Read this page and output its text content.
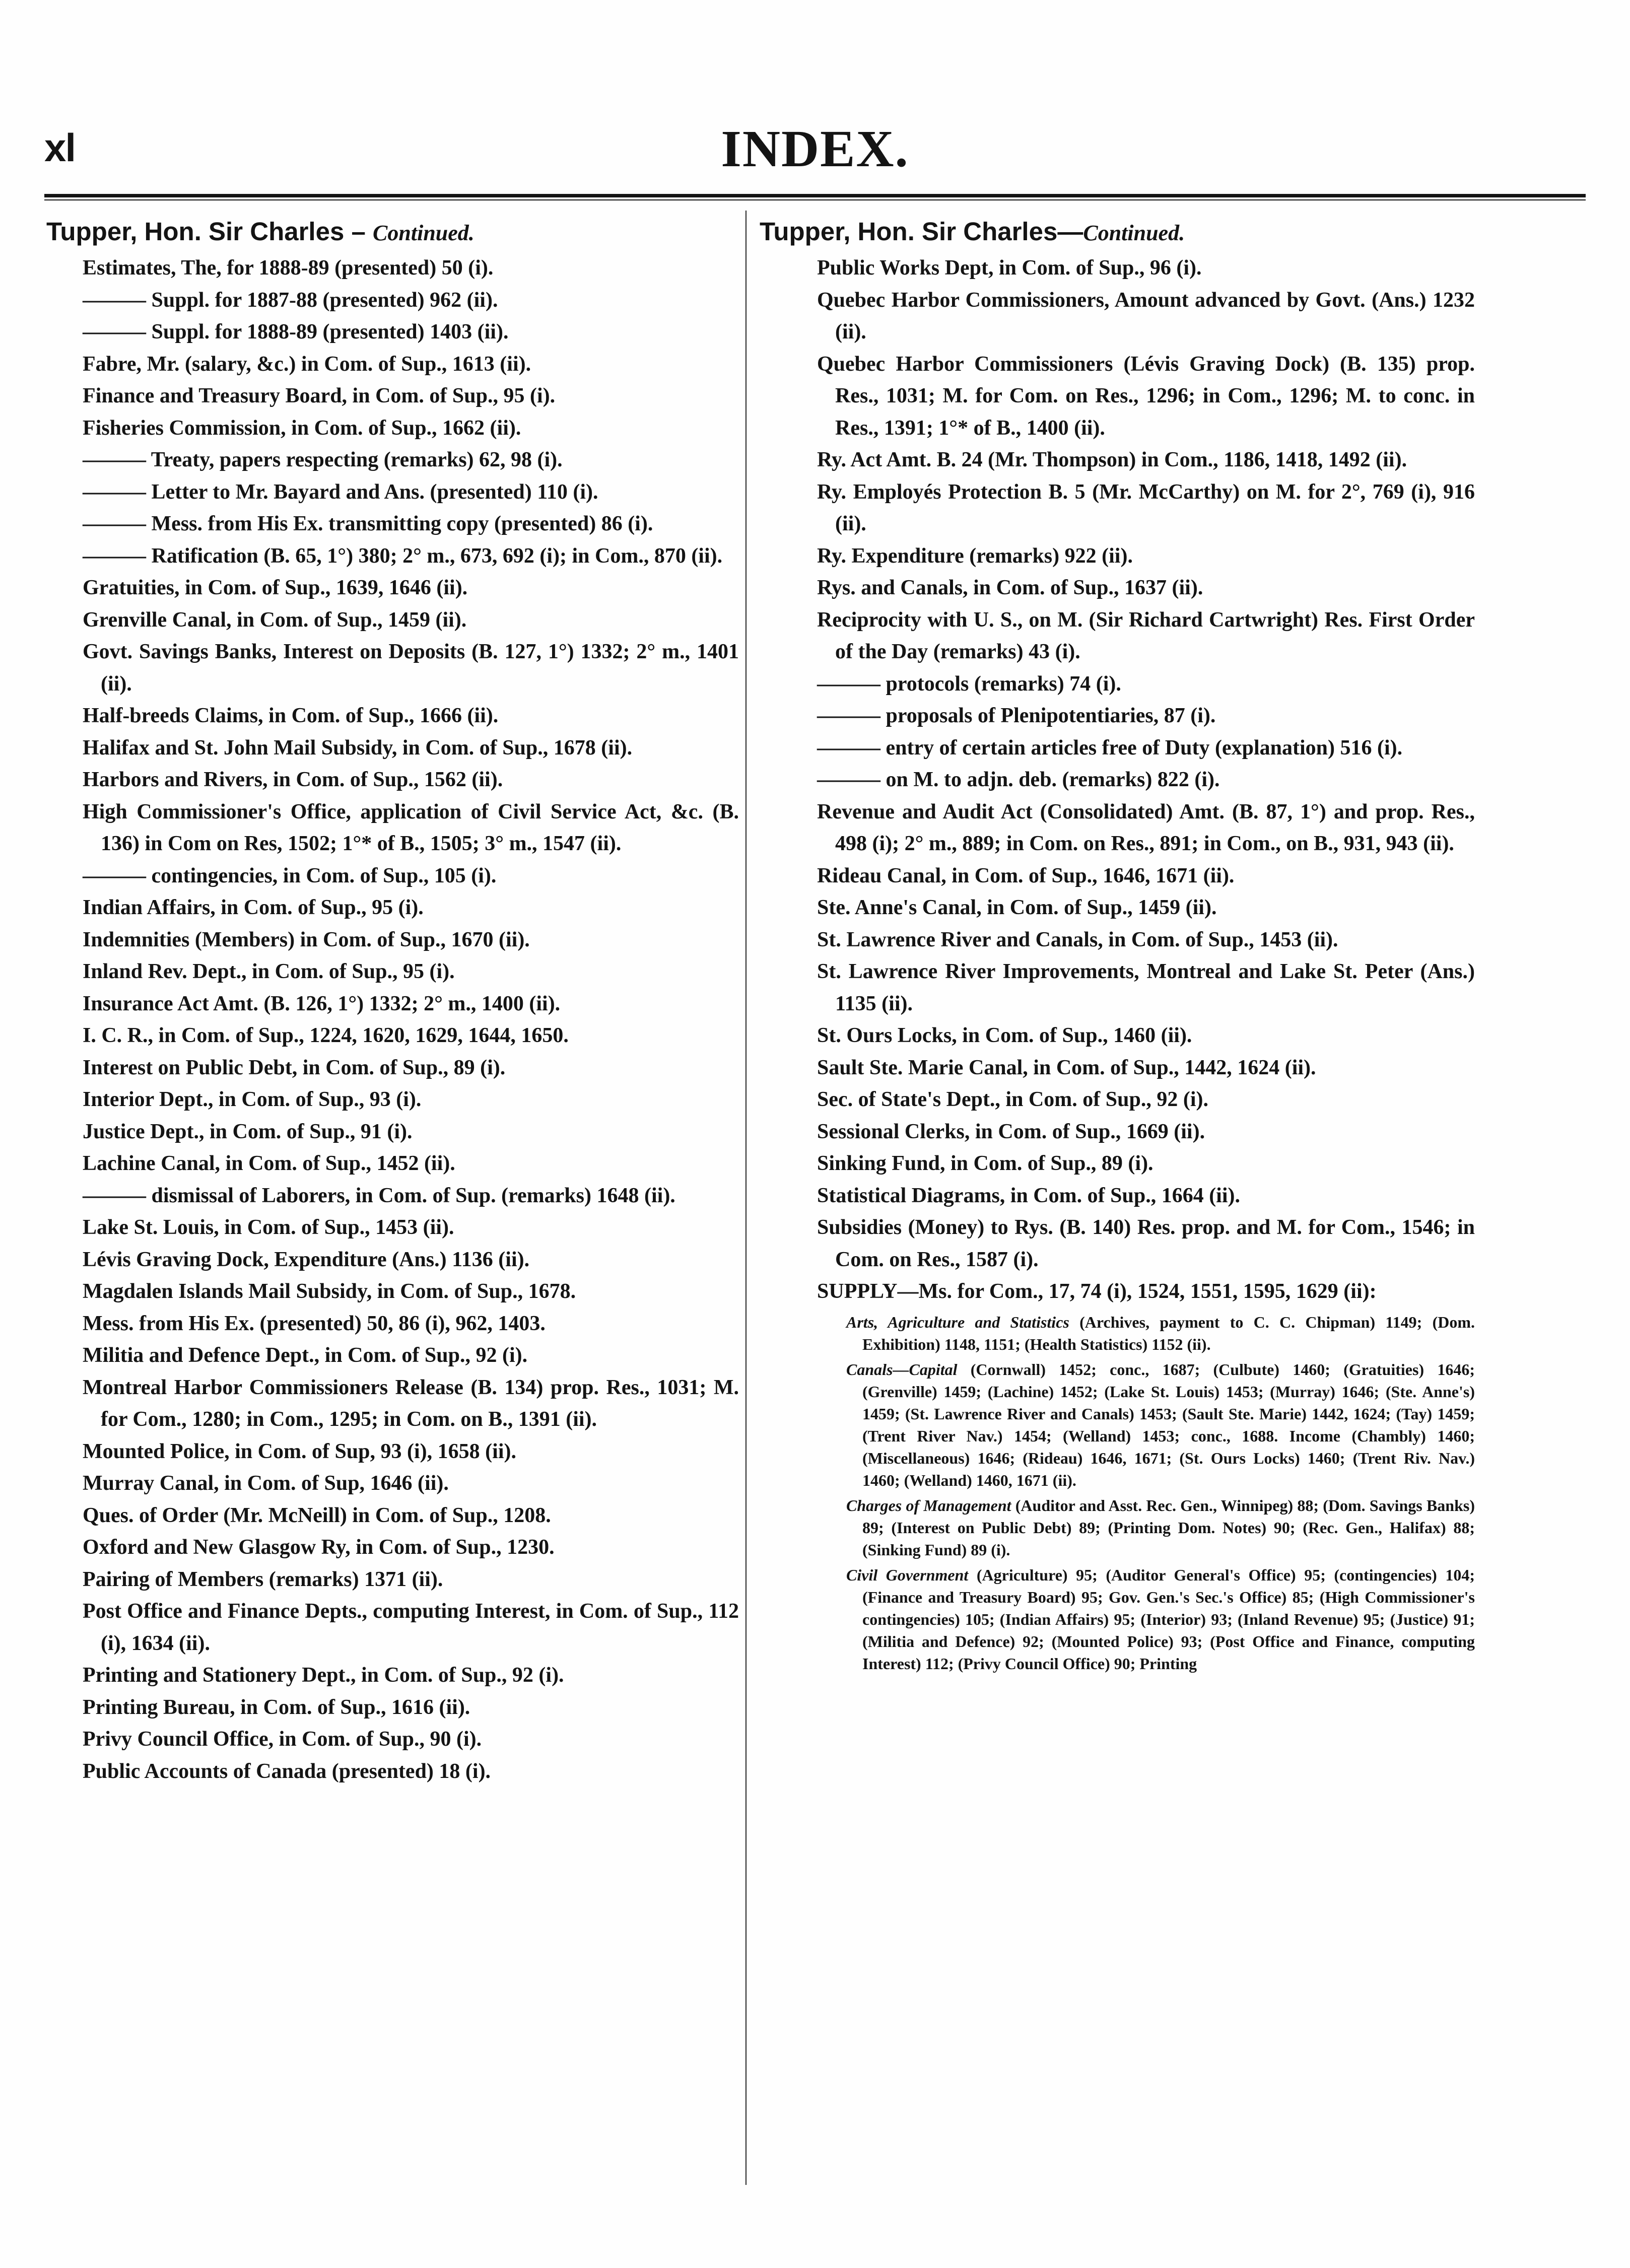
xl	INDEX.
Tupper, Hon. Sir Charles – Continued.
Estimates, The, for 1888-89 (presented) 50 (i).
——— Suppl. for 1887-88 (presented) 962 (ii).
——— Suppl. for 1888-89 (presented) 1403 (ii).
Fabre, Mr. (salary, &c.) in Com. of Sup., 1613 (ii).
Finance and Treasury Board, in Com. of Sup., 95 (i).
Fisheries Commission, in Com. of Sup., 1662 (ii).
——— Treaty, papers respecting (remarks) 62, 98 (i).
——— Letter to Mr. Bayard and Ans. (presented) 110 (i).
——— Mess. from His Ex. transmitting copy (presented) 86 (i).
——— Ratification (B. 65, 1°) 380; 2° m., 673, 692 (i); in Com., 870 (ii).
Gratuities, in Com. of Sup., 1639, 1646 (ii).
Grenville Canal, in Com. of Sup., 1459 (ii).
Govt. Savings Banks, Interest on Deposits (B. 127, 1°) 1332; 2° m., 1401 (ii).
Half-breeds Claims, in Com. of Sup., 1666 (ii).
Halifax and St. John Mail Subsidy, in Com. of Sup., 1678 (ii).
Harbors and Rivers, in Com. of Sup., 1562 (ii).
High Commissioner's Office, application of Civil Service Act, &c. (B. 136) in Com on Res, 1502; 1°* of B., 1505; 3° m., 1547 (ii).
——— contingencies, in Com. of Sup., 105 (i).
Indian Affairs, in Com. of Sup., 95 (i).
Indemnities (Members) in Com. of Sup., 1670 (ii).
Inland Rev. Dept., in Com. of Sup., 95 (i).
Insurance Act Amt. (B. 126, 1°) 1332; 2° m., 1400 (ii).
I. C. R., in Com. of Sup., 1224, 1620, 1629, 1644, 1650.
Interest on Public Debt, in Com. of Sup., 89 (i).
Interior Dept., in Com. of Sup., 93 (i).
Justice Dept., in Com. of Sup., 91 (i).
Lachine Canal, in Com. of Sup., 1452 (ii).
——— dismissal of Laborers, in Com. of Sup. (remarks) 1648 (ii).
Lake St. Louis, in Com. of Sup., 1453 (ii).
Lévis Graving Dock, Expenditure (Ans.) 1136 (ii).
Magdalen Islands Mail Subsidy, in Com. of Sup., 1678.
Mess. from His Ex. (presented) 50, 86 (i), 962, 1403.
Militia and Defence Dept., in Com. of Sup., 92 (i).
Montreal Harbor Commissioners Release (B. 134) prop. Res., 1031; M. for Com., 1280; in Com., 1295; in Com. on B., 1391 (ii).
Mounted Police, in Com. of Sup, 93 (i), 1658 (ii).
Murray Canal, in Com. of Sup, 1646 (ii).
Ques. of Order (Mr. McNeill) in Com. of Sup., 1208.
Oxford and New Glasgow Ry, in Com. of Sup., 1230.
Pairing of Members (remarks) 1371 (ii).
Post Office and Finance Depts., computing Interest, in Com. of Sup., 112 (i), 1634 (ii).
Printing and Stationery Dept., in Com. of Sup., 92 (i).
Printing Bureau, in Com. of Sup., 1616 (ii).
Privy Council Office, in Com. of Sup., 90 (i).
Public Accounts of Canada (presented) 18 (i).
Tupper, Hon. Sir Charles—Continued.
Public Works Dept, in Com. of Sup., 96 (i).
Quebec Harbor Commissioners, Amount advanced by Govt. (Ans.) 1232 (ii).
Quebec Harbor Commissioners (Lévis Graving Dock) (B. 135) prop. Res., 1031; M. for Com. on Res., 1296; in Com., 1296; M. to conc. in Res., 1391; 1°* of B., 1400 (ii).
Ry. Act Amt. B. 24 (Mr. Thompson) in Com., 1186, 1418, 1492 (ii).
Ry. Employés Protection B. 5 (Mr. McCarthy) on M. for 2°, 769 (i), 916 (ii).
Ry. Expenditure (remarks) 922 (ii).
Rys. and Canals, in Com. of Sup., 1637 (ii).
Reciprocity with U. S., on M. (Sir Richard Cartwright) Res. First Order of the Day (remarks) 43 (i).
——— protocols (remarks) 74 (i).
——— proposals of Plenipotentiaries, 87 (i).
——— entry of certain articles free of Duty (explanation) 516 (i).
——— on M. to adjn. deb. (remarks) 822 (i).
Revenue and Audit Act (Consolidated) Amt. (B. 87, 1°) and prop. Res., 498 (i); 2° m., 889; in Com. on Res., 891; in Com., on B., 931, 943 (ii).
Rideau Canal, in Com. of Sup., 1646, 1671 (ii).
Ste. Anne's Canal, in Com. of Sup., 1459 (ii).
St. Lawrence River and Canals, in Com. of Sup., 1453 (ii).
St. Lawrence River Improvements, Montreal and Lake St. Peter (Ans.) 1135 (ii).
St. Ours Locks, in Com. of Sup., 1460 (ii).
Sault Ste. Marie Canal, in Com. of Sup., 1442, 1624 (ii).
Sec. of State's Dept., in Com. of Sup., 92 (i).
Sessional Clerks, in Com. of Sup., 1669 (ii).
Sinking Fund, in Com. of Sup., 89 (i).
Statistical Diagrams, in Com. of Sup., 1664 (ii).
Subsidies (Money) to Rys. (B. 140) Res. prop. and M. for Com., 1546; in Com. on Res., 1587 (i).
SUPPLY—Ms. for Com., 17, 74 (i), 1524, 1551, 1595, 1629 (ii):
Arts, Agriculture and Statistics (Archives, payment to C. C. Chipman) 1149; (Dom. Exhibition) 1148, 1151; (Health Statistics) 1152 (ii).
Canals—Capital (Cornwall) 1452; conc., 1687; (Culbute) 1460; (Gratuities) 1646; (Grenville) 1459; (Lachine) 1452; (Lake St. Louis) 1453; (Murray) 1646; (Ste. Anne's) 1459; (St. Lawrence River and Canals) 1453; (Sault Ste. Marie) 1442, 1624; (Tay) 1459; (Trent River Nav.) 1454; (Welland) 1453; conc., 1688. Income (Chambly) 1460; (Miscellaneous) 1646; (Rideau) 1646, 1671; (St. Ours Locks) 1460; (Trent Riv. Nav.) 1460; (Welland) 1460, 1671 (ii).
Charges of Management (Auditor and Asst. Rec. Gen., Winnipeg) 88; (Dom. Savings Banks) 89; (Interest on Public Debt) 89; (Printing Dom. Notes) 90; (Rec. Gen., Halifax) 88; (Sinking Fund) 89 (i).
Civil Government (Agriculture) 95; (Auditor General's Office) 95; (contingencies) 104; (Finance and Treasury Board) 95; Gov. Gen.'s Sec.'s Office) 85; (High Commissioner's contingencies) 105; (Indian Affairs) 95; (Interior) 93; (Inland Revenue) 95; (Justice) 91; (Militia and Defence) 92; (Mounted Police) 93; (Post Office and Finance, computing Interest) 112; (Privy Council Office) 90; Printing
